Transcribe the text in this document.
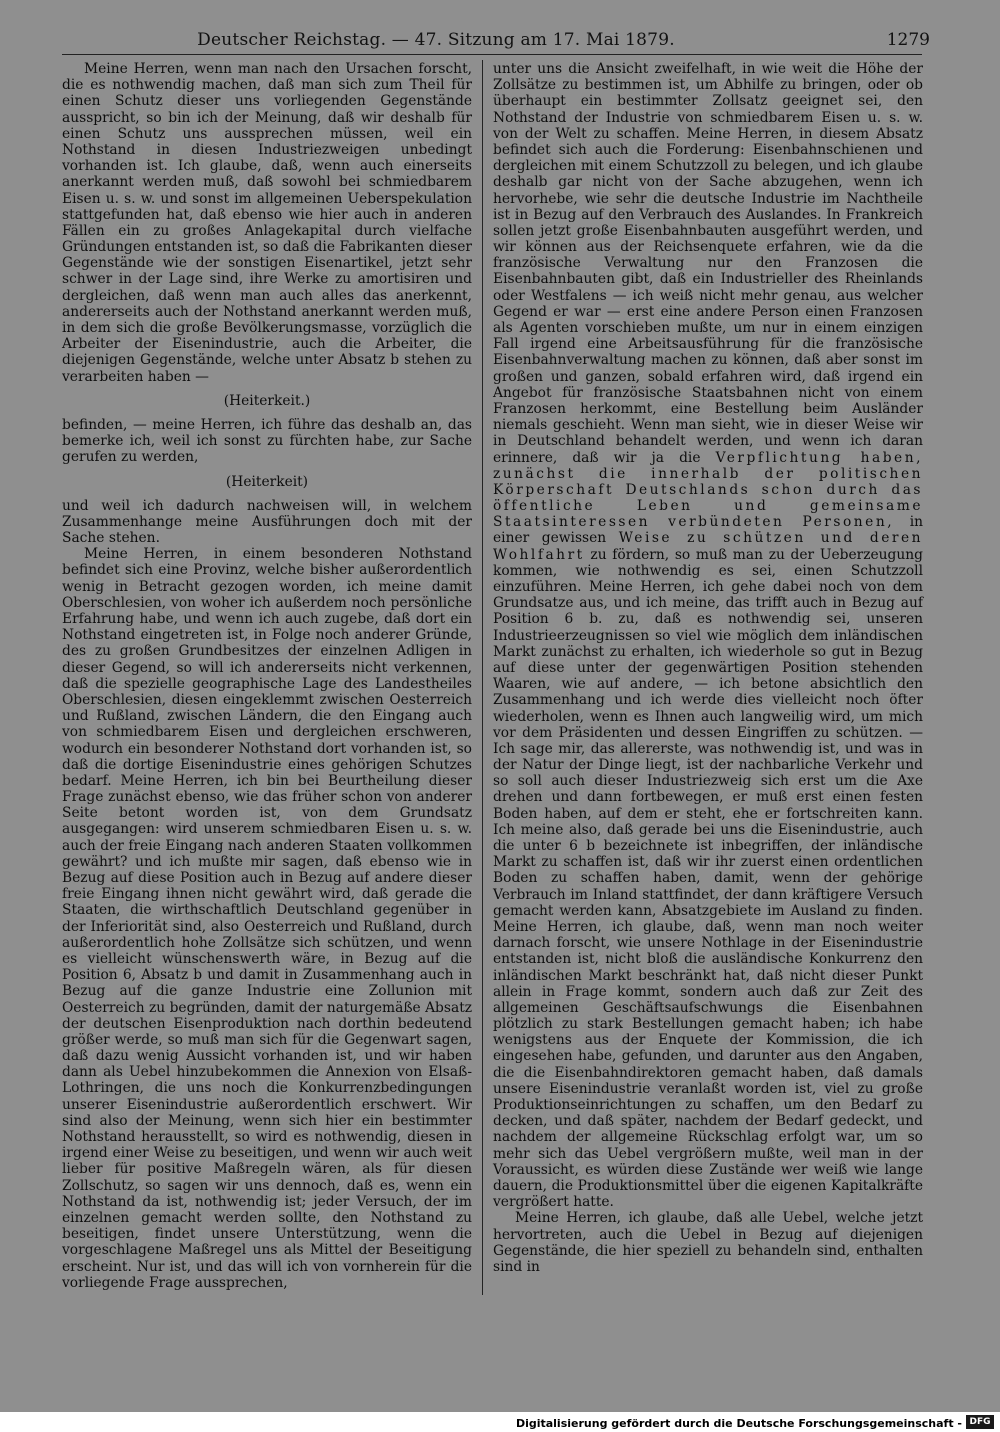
Deutscher Reichstag. — 47. Sitzung am 17. Mai 1879.	1279

Meine Herren, wenn man nach den Ursachen forscht, die es nothwendig machen, daß man sich zum Theil für einen Schutz dieser uns vorliegenden Gegenstände ausspricht, so bin ich der Meinung, daß wir deshalb für einen Schutz uns aussprechen müssen, weil ein Nothstand in diesen Industriezweigen unbedingt vorhanden ist. Ich glaube, daß, wenn auch einerseits anerkannt werden muß, daß sowohl bei schmiedbarem Eisen u. s. w. und sonst im allgemeinen Ueberspekulation stattgefunden hat, daß ebenso wie hier auch in anderen Fällen ein zu großes Anlagekapital durch vielfache Gründungen entstanden ist, so daß die Fabrikanten dieser Gegenstände wie der sonstigen Eisenartikel, jetzt sehr schwer in der Lage sind, ihre Werke zu amortisiren und dergleichen, daß wenn man auch alles das anerkennt, andererseits auch der Nothstand anerkannt werden muß, in dem sich die große Bevölkerungsmasse, vorzüglich die Arbeiter der Eisenindustrie, auch die Arbeiter, die diejenigen Gegenstände, welche unter Absatz b stehen zu verarbeiten haben —

(Heiterkeit.)

befinden, — meine Herren, ich führe das deshalb an, das bemerke ich, weil ich sonst zu fürchten habe, zur Sache gerufen zu werden,

(Heiterkeit)

und weil ich dadurch nachweisen will, in welchem Zusammenhange meine Ausführungen doch mit der Sache stehen.

Meine Herren, in einem besonderen Nothstand befindet sich eine Provinz, welche bisher außerordentlich wenig in Betracht gezogen worden, ich meine damit Oberschlesien, von woher ich außerdem noch persönliche Erfahrung habe, und wenn ich auch zugebe, daß dort ein Nothstand eingetreten ist, in Folge noch anderer Gründe, des zu großen Grundbesitzes der einzelnen Adligen in dieser Gegend, so will ich andererseits nicht verkennen, daß die spezielle geographische Lage des Landestheiles Oberschlesien, diesen eingeklemmt zwischen Oesterreich und Rußland, zwischen Ländern, die den Eingang auch von schmiedbarem Eisen und dergleichen erschweren, wodurch ein besonderer Nothstand dort vorhanden ist, so daß die dortige Eisenindustrie eines gehörigen Schutzes bedarf. Meine Herren, ich bin bei Beurtheilung dieser Frage zunächst ebenso, wie das früher schon von anderer Seite betont worden ist, von dem Grundsatz ausgegangen: wird unserem schmiedbaren Eisen u. s. w. auch der freie Eingang nach anderen Staaten vollkommen gewährt? und ich mußte mir sagen, daß ebenso wie in Bezug auf diese Position auch in Bezug auf andere dieser freie Eingang ihnen nicht gewährt wird, daß gerade die Staaten, die wirthschaftlich Deutschland gegenüber in der Inferiorität sind, also Oesterreich und Rußland, durch außerordentlich hohe Zollsätze sich schützen, und wenn es vielleicht wünschenswerth wäre, in Bezug auf die Position 6, Absatz b und damit in Zusammenhang auch in Bezug auf die ganze Industrie eine Zollunion mit Oesterreich zu begründen, damit der naturgemäße Absatz der deutschen Eisenproduktion nach dorthin bedeutend größer werde, so muß man sich für die Gegenwart sagen, daß dazu wenig Aussicht vorhanden ist, und wir haben dann als Uebel hinzubekommen die Annexion von Elsaß-Lothringen, die uns noch die Konkurrenzbedingungen unserer Eisenindustrie außerordentlich erschwert. Wir sind also der Meinung, wenn sich hier ein bestimmter Nothstand herausstellt, so wird es nothwendig, diesen in irgend einer Weise zu beseitigen, und wenn wir auch weit lieber für positive Maßregeln wären, als für diesen Zollschutz, so sagen wir uns dennoch, daß es, wenn ein Nothstand da ist, nothwendig ist; jeder Versuch, der im einzelnen gemacht werden sollte, den Nothstand zu beseitigen, findet unsere Unterstützung, wenn die vorgeschlagene Maßregel uns als Mittel der Beseitigung erscheint. Nur ist, und das will ich von vornherein für die vorliegende Frage aussprechen,

unter uns die Ansicht zweifelhaft, in wie weit die Höhe der Zollsätze zu bestimmen ist, um Abhilfe zu bringen, oder ob überhaupt ein bestimmter Zollsatz geeignet sei, den Nothstand der Industrie von schmiedbarem Eisen u. s. w. von der Welt zu schaffen. Meine Herren, in diesem Absatz befindet sich auch die Forderung: Eisenbahnschienen und dergleichen mit einem Schutzzoll zu belegen, und ich glaube deshalb gar nicht von der Sache abzugehen, wenn ich hervorhebe, wie sehr die deutsche Industrie im Nachtheile ist in Bezug auf den Verbrauch des Auslandes. In Frankreich sollen jetzt große Eisenbahnbauten ausgeführt werden, und wir können aus der Reichsenquete erfahren, wie da die französische Verwaltung nur den Franzosen die Eisenbahnbauten gibt, daß ein Industrieller des Rheinlands oder Westfalens — ich weiß nicht mehr genau, aus welcher Gegend er war — erst eine andere Person einen Franzosen als Agenten vorschieben mußte, um nur in einem einzigen Fall irgend eine Arbeitsausführung für die französische Eisenbahnverwaltung machen zu können, daß aber sonst im großen und ganzen, sobald erfahren wird, daß irgend ein Angebot für französische Staatsbahnen nicht von einem Franzosen herkommt, eine Bestellung beim Ausländer niemals geschieht. Wenn man sieht, wie in dieser Weise wir in Deutschland behandelt werden, und wenn ich daran erinnere, daß wir ja die Verpflichtung haben, zunächst die innerhalb der politischen Körperschaft Deutschlands schon durch das öffentliche Leben und gemeinsame Staatsinteressen verbündeten Personen, in einer gewissen Weise zu schützen und deren Wohlfahrt zu fördern, so muß man zu der Ueberzeugung kommen, wie nothwendig es sei, einen Schutzzoll einzuführen. Meine Herren, ich gehe dabei noch von dem Grundsatze aus, und ich meine, das trifft auch in Bezug auf Position 6 b. zu, daß es nothwendig sei, unseren Industrieerzeugnissen so viel wie möglich dem inländischen Markt zunächst zu erhalten, ich wiederhole so gut in Bezug auf diese unter der gegenwärtigen Position stehenden Waaren, wie auf andere, — ich betone absichtlich den Zusammenhang und ich werde dies vielleicht noch öfter wiederholen, wenn es Ihnen auch langweilig wird, um mich vor dem Präsidenten und dessen Eingriffen zu schützen. — Ich sage mir, das allererste, was nothwendig ist, und was in der Natur der Dinge liegt, ist der nachbarliche Verkehr und so soll auch dieser Industriezweig sich erst um die Axe drehen und dann fortbewegen, er muß erst einen festen Boden haben, auf dem er steht, ehe er fortschreiten kann. Ich meine also, daß gerade bei uns die Eisenindustrie, auch die unter 6 b bezeichnete ist inbegriffen, der inländische Markt zu schaffen ist, daß wir ihr zuerst einen ordentlichen Boden zu schaffen haben, damit, wenn der gehörige Verbrauch im Inland stattfindet, der dann kräftigere Versuch gemacht werden kann, Absatzgebiete im Ausland zu finden. Meine Herren, ich glaube, daß, wenn man noch weiter darnach forscht, wie unsere Nothlage in der Eisenindustrie entstanden ist, nicht bloß die ausländische Konkurrenz den inländischen Markt beschränkt hat, daß nicht dieser Punkt allein in Frage kommt, sondern auch daß zur Zeit des allgemeinen Geschäftsaufschwungs die Eisenbahnen plötzlich zu stark Bestellungen gemacht haben; ich habe wenigstens aus der Enquete der Kommission, die ich eingesehen habe, gefunden, und darunter aus den Angaben, die die Eisenbahndirektoren gemacht haben, daß damals unsere Eisenindustrie veranlaßt worden ist, viel zu große Produktionseinrichtungen zu schaffen, um den Bedarf zu decken, und daß später, nachdem der Bedarf gedeckt, und nachdem der allgemeine Rückschlag erfolgt war, um so mehr sich das Uebel vergrößern mußte, weil man in der Voraussicht, es würden diese Zustände wer weiß wie lange dauern, die Produktionsmittel über die eigenen Kapitalkräfte vergrößert hatte.

Meine Herren, ich glaube, daß alle Uebel, welche jetzt hervortreten, auch die Uebel in Bezug auf diejenigen Gegenstände, die hier speziell zu behandeln sind, enthalten sind in

Digitalisierung gefördert durch die Deutsche Forschungsgemeinschaft - DFG
